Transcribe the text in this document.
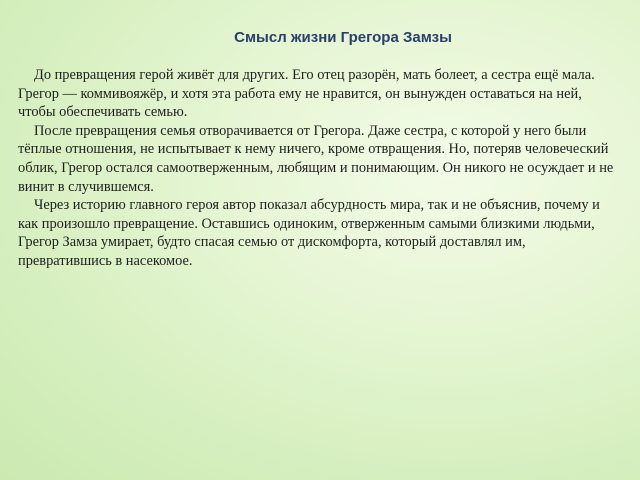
Смысл жизни Грегора Замзы

До превращения герой живёт для других. Его отец разорён, мать болеет, а сестра ещё мала. Грегор — коммивояжёр, и хотя эта работа ему не нравится, он вынужден оставаться на ней, чтобы обеспечивать семью.

После превращения семья отворачивается от Грегора. Даже сестра, с которой у него были тёплые отношения, не испытывает к нему ничего, кроме отвращения. Но, потеряв человеческий облик, Грегор остался самоотверженным, любящим и понимающим. Он никого не осуждает и не винит в случившемся.

Через историю главного героя автор показал абсурдность мира, так и не объяснив, почему и как произошло превращение. Оставшись одиноким, отверженным самыми близкими людьми, Грегор Замза умирает, будто спасая семью от дискомфорта, который доставлял им, превратившись в насекомое.
